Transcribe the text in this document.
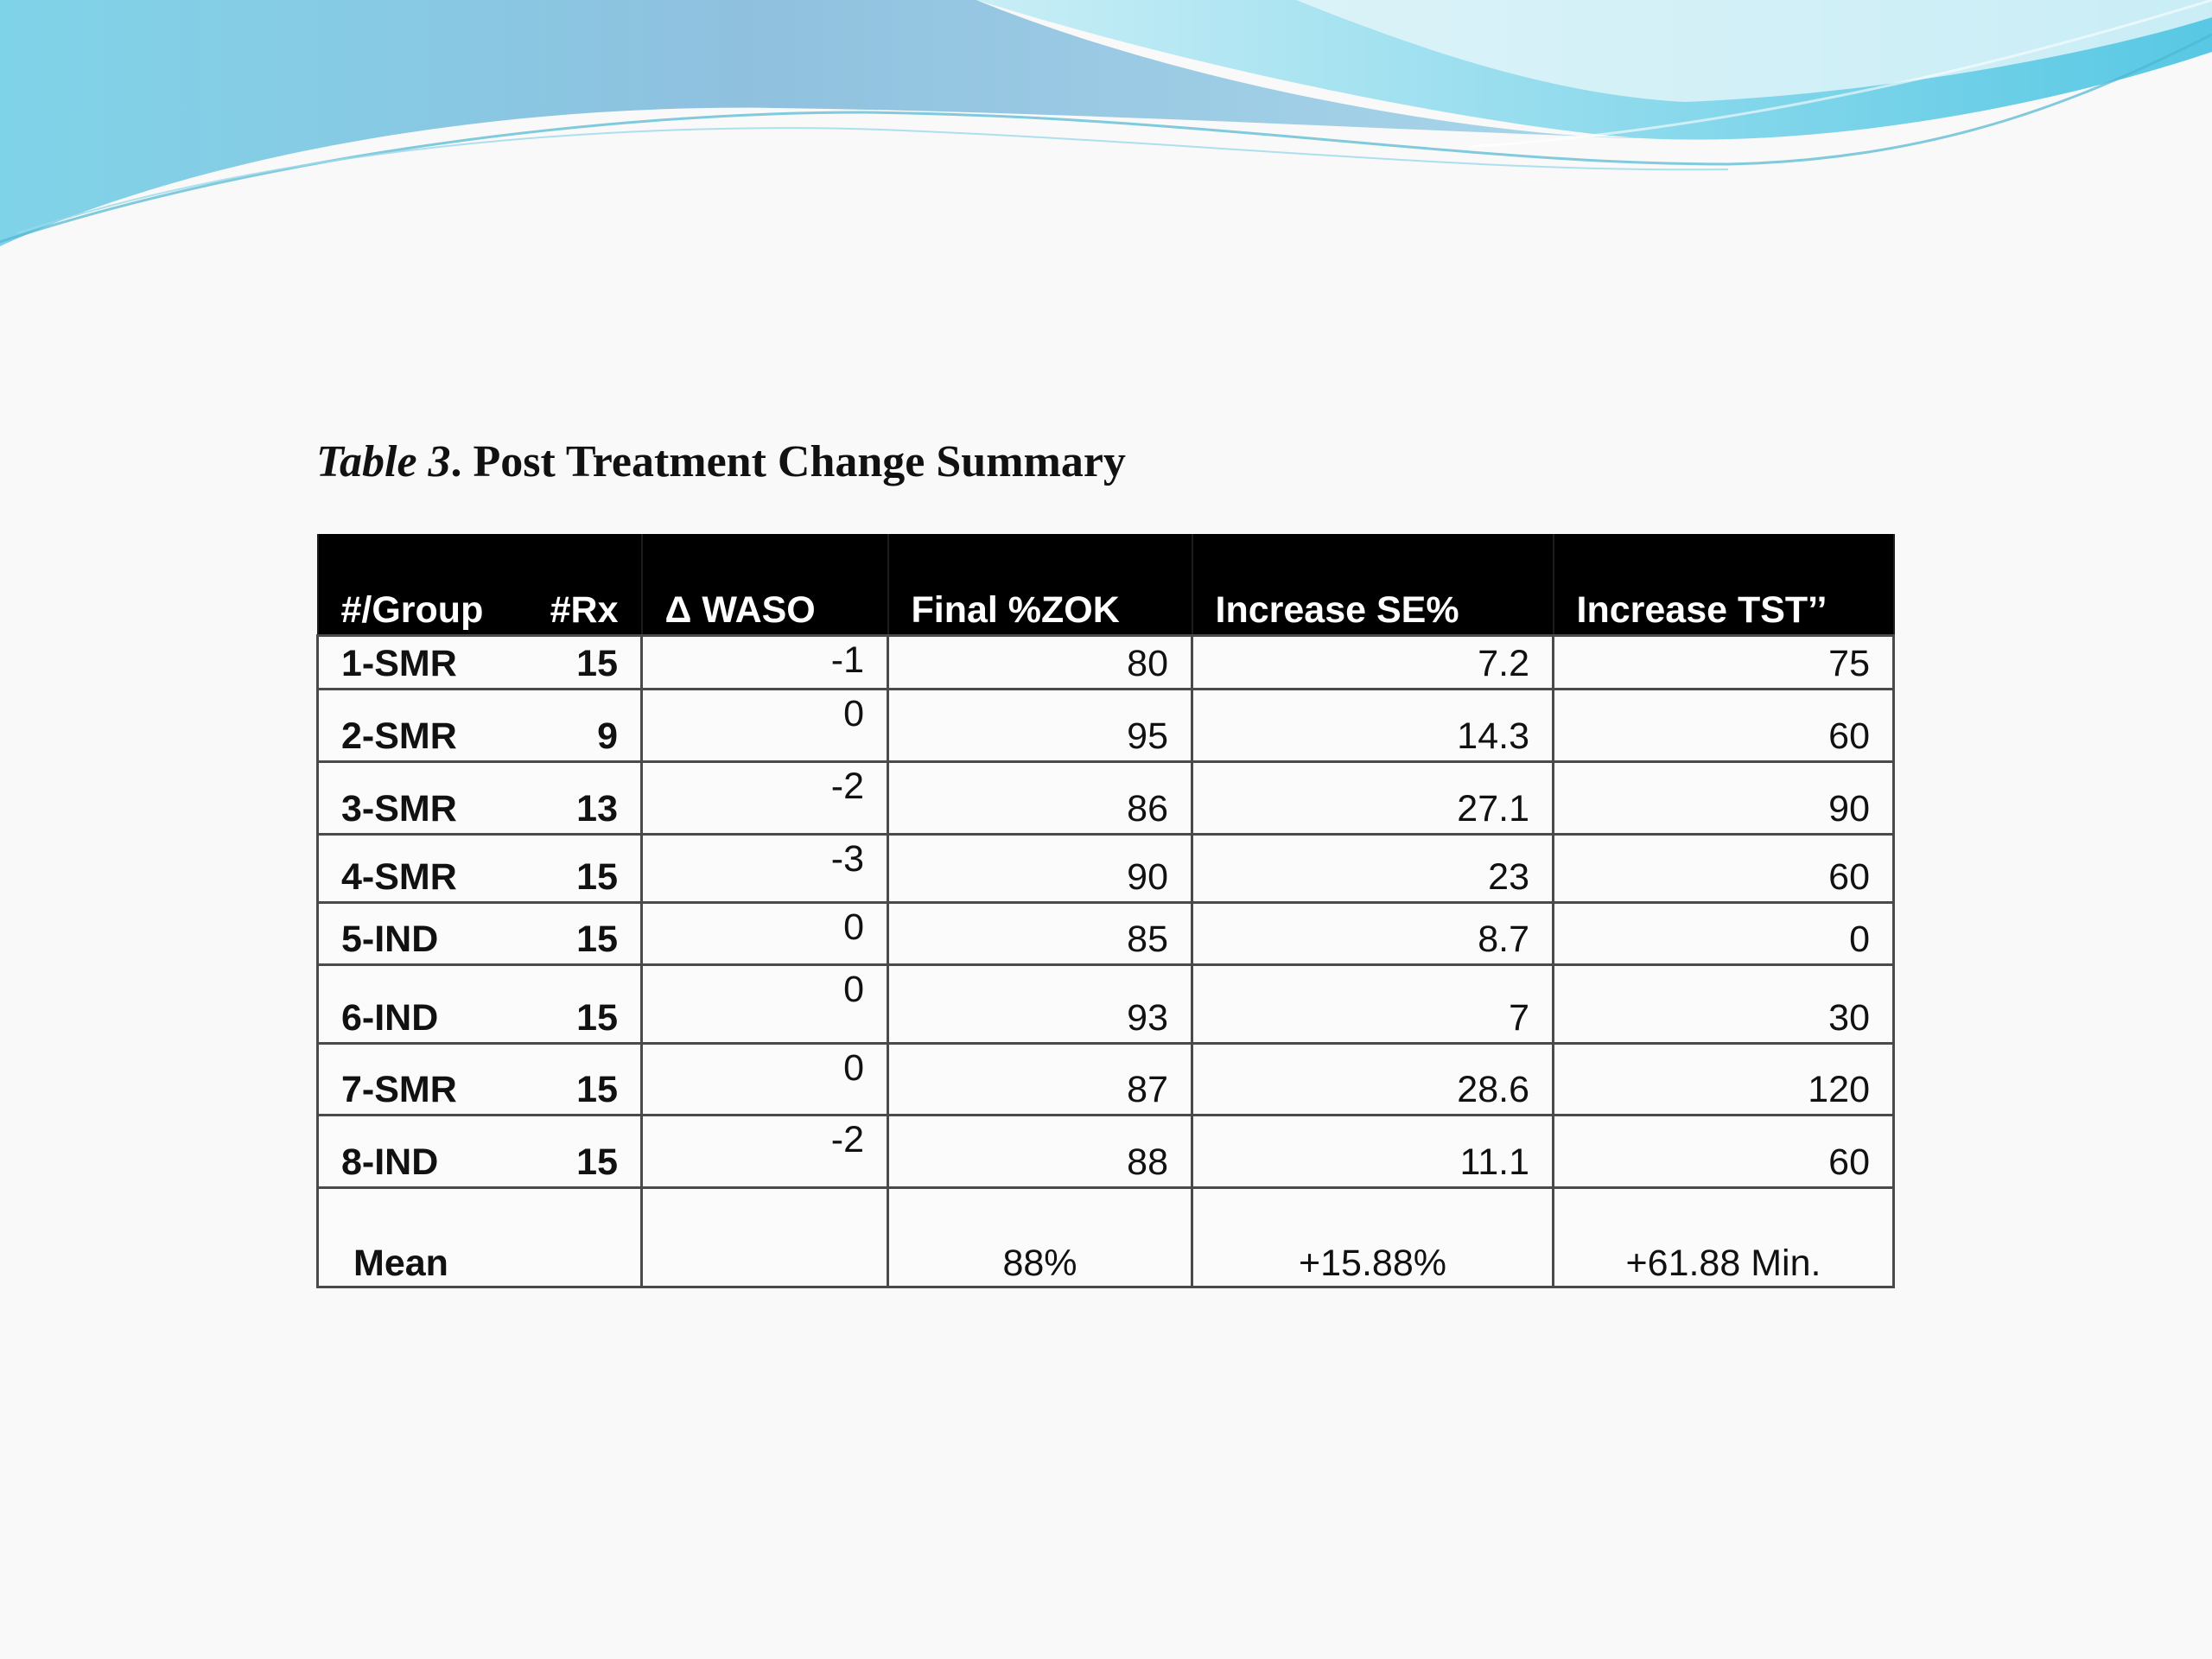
Table 3. Post Treatment Change Summary
#/Group #Rx	Δ WASO	Final %ZOK	Increase SE%	Increase TST’’

1-SMR 15	-1	80	7.2	75

2-SMR 9	0	95	14.3	60

3-SMR 13	-2	86	27.1	90

4-SMR 15	-3	90	23	60

5-IND 15	0	85	8.7	0

6-IND 15	0	93	7	30

7-SMR 15	0	87	28.6	120

8-IND 15	-2	88	11.1	60
Mean		88%	+15.88%	+61.88 Min.
